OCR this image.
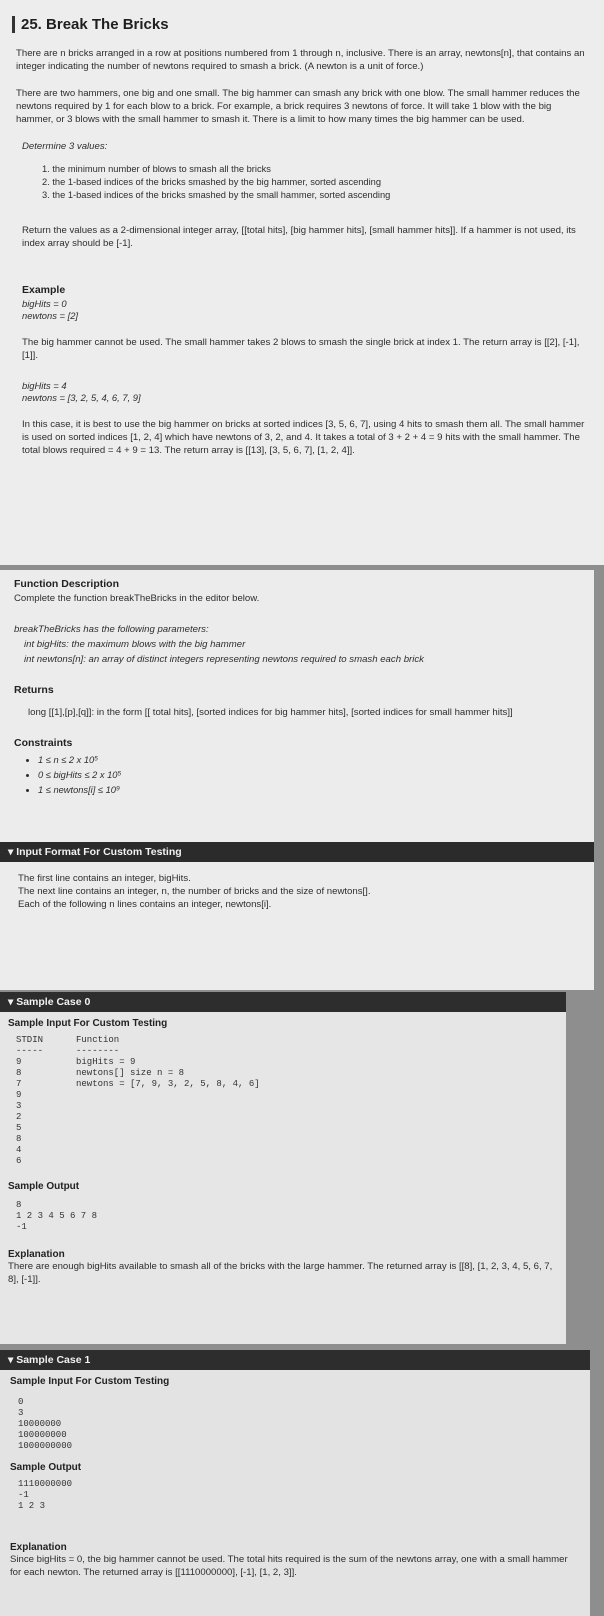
25. Break The Bricks

There are n bricks arranged in a row at positions numbered from 1 through n, inclusive. There is an array, newtons[n], that contains an integer indicating the number of newtons required to smash a brick. (A newton is a unit of force.)

There are two hammers, one big and one small. The big hammer can smash any brick with one blow. The small hammer reduces the newtons required by 1 for each blow to a brick. For example, a brick requires 3 newtons of force. It will take 1 blow with the big hammer, or 3 blows with the small hammer to smash it. There is a limit to how many times the big hammer can be used.

Determine 3 values:

1. the minimum number of blows to smash all the bricks
2. the 1-based indices of the bricks smashed by the big hammer, sorted ascending
3. the 1-based indices of the bricks smashed by the small hammer, sorted ascending

Return the values as a 2-dimensional integer array, [[total hits], [big hammer hits], [small hammer hits]]. If a hammer is not used, its index array should be [-1].

Example

bigHits = 0

newtons = [2]

The big hammer cannot be used. The small hammer takes 2 blows to smash the single brick at index 1. The return array is [[2], [-1], [1]].

bigHits = 4

newtons = [3, 2, 5, 4, 6, 7, 9]

In this case, it is best to use the big hammer on bricks at sorted indices [3, 5, 6, 7], using 4 hits to smash them all. The small hammer is used on sorted indices [1, 2, 4] which have newtons of 3, 2, and 4. It takes a total of 3 + 2 + 4 = 9 hits with the small hammer. The total blows required = 4 + 9 = 13. The return array is [[13], [3, 5, 6, 7], [1, 2, 4]].

Function Description

Complete the function breakTheBricks in the editor below.

breakTheBricks has the following parameters:

int bigHits: the maximum blows with the big hammer

int newtons[n]: an array of distinct integers representing newtons required to smash each brick

Returns

long [[1],[p],[q]]: in the form [[ total hits], [sorted indices for big hammer hits], [sorted indices for small hammer hits]]

Constraints
• 1 ≤ n ≤ 2 x 10⁵
• 0 ≤ bigHits ≤ 2 x 10⁵
• 1 ≤ newtons[i] ≤ 10⁹
▾ Input Format For Custom Testing

The first line contains an integer, bigHits.

The next line contains an integer, n, the number of bricks and the size of newtons[].

Each of the following n lines contains an integer, newtons[i].

▾ Sample Case 0
Sample Input For Custom Testing
STDIN	Function
-----	--------
9	bigHits = 9
8	newtons[] size n = 8
7	newtons = [7, 9, 3, 2, 5, 8, 4, 6]
9
3
2
5
8
4
6
Sample Output
8
1 2 3 4 5 6 7 8
-1
Explanation

There are enough bigHits available to smash all of the bricks with the large hammer. The returned array is [[8], [1, 2, 3, 4, 5, 6, 7, 8], [-1]].

▾ Sample Case 1
Sample Input For Custom Testing
0
3
10000000
100000000
1000000000
Sample Output
1110000000
-1
1 2 3
Explanation

Since bigHits = 0, the big hammer cannot be used. The total hits required is the sum of the newtons array, one with a small hammer for each newton. The returned array is [[1110000000], [-1], [1, 2, 3]].
